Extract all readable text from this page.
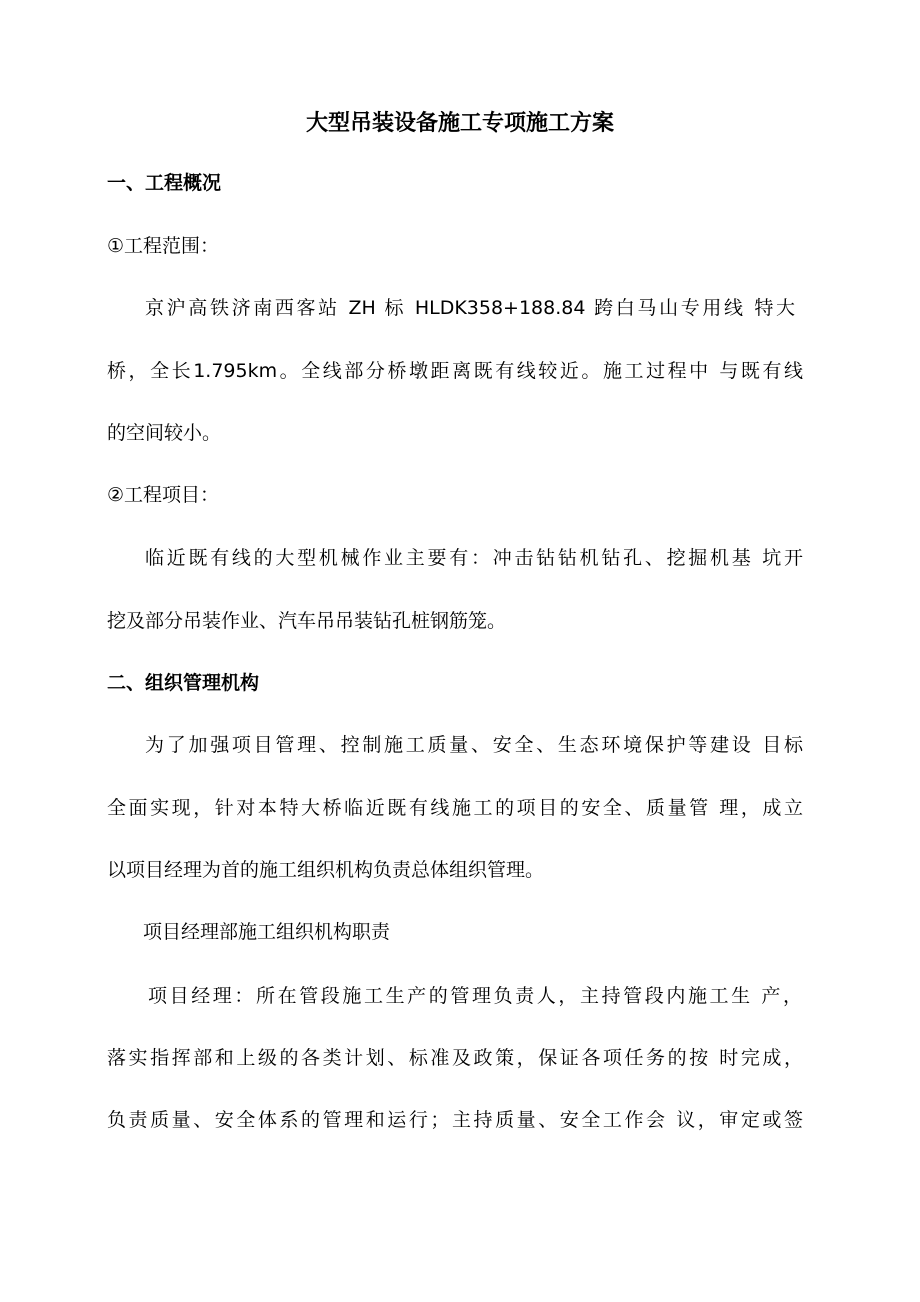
大型吊装设备施工专项施工方案
一、工程概况
①工程范围：
京沪高铁济南西客站 ZH 标 HLDK358+188.84 跨白马山专用线 特大
桥，全长1.795km。全线部分桥墩距离既有线较近。施工过程中 与既有线
的空间较小。
②工程项目：
临近既有线的大型机械作业主要有：冲击钻钻机钻孔、挖掘机基 坑开
挖及部分吊装作业、汽车吊吊装钻孔桩钢筋笼。
二、组织管理机构
为了加强项目管理、控制施工质量、安全、生态环境保护等建设 目标
全面实现，针对本特大桥临近既有线施工的项目的安全、质量管 理，成立
以项目经理为首的施工组织机构负责总体组织管理。
项目经理部施工组织机构职责
项目经理：所在管段施工生产的管理负责人，主持管段内施工生 产，
落实指挥部和上级的各类计划、标准及政策，保证各项任务的按 时完成，
负责质量、安全体系的管理和运行；主持质量、安全工作会 议，审定或签
